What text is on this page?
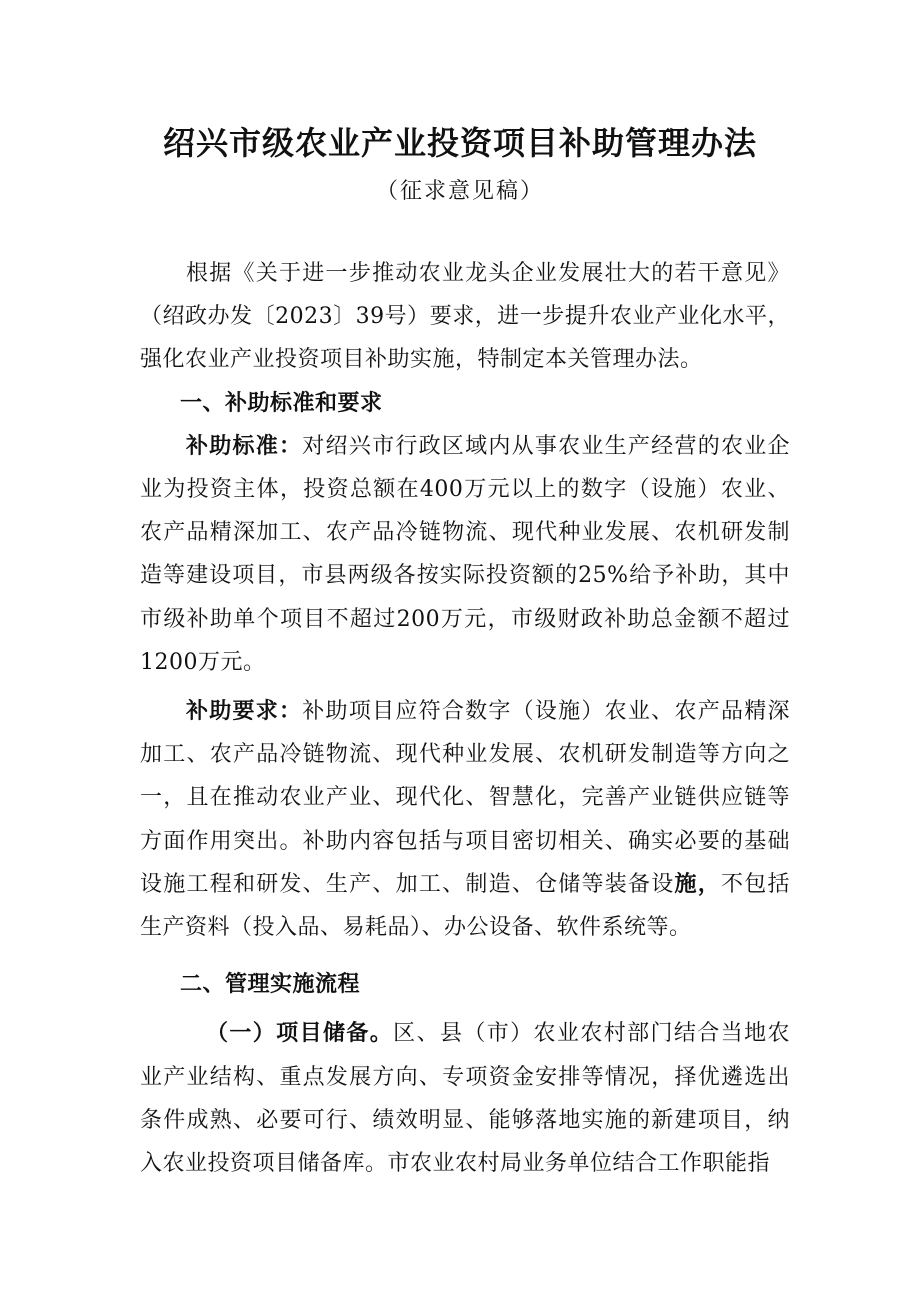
绍兴市级农业产业投资项目补助管理办法
（征求意见稿）

根据《关于进一步推动农业龙头企业发展壮大的若干意见》（绍政办发〔2023〕39号）要求，进一步提升农业产业化水平，强化农业产业投资项目补助实施，特制定本关管理办法。

一、补助标准和要求

补助标准：对绍兴市行政区域内从事农业生产经营的农业企业为投资主体，投资总额在400万元以上的数字（设施）农业、农产品精深加工、农产品冷链物流、现代种业发展、农机研发制造等建设项目，市县两级各按实际投资额的25%给予补助，其中市级补助单个项目不超过200万元，市级财政补助总金额不超过1200万元。

补助要求：补助项目应符合数字（设施）农业、农产品精深加工、农产品冷链物流、现代种业发展、农机研发制造等方向之一，且在推动农业产业、现代化、智慧化，完善产业链供应链等方面作用突出。补助内容包括与项目密切相关、确实必要的基础设施工程和研发、生产、加工、制造、仓储等装备设施，不包括生产资料（投入品、易耗品）、办公设备、软件系统等。

二、管理实施流程

（一）项目储备。区、县（市）农业农村部门结合当地农业产业结构、重点发展方向、专项资金安排等情况，择优遴选出条件成熟、必要可行、绩效明显、能够落地实施的新建项目，纳入农业投资项目储备库。市农业农村局业务单位结合工作职能指
